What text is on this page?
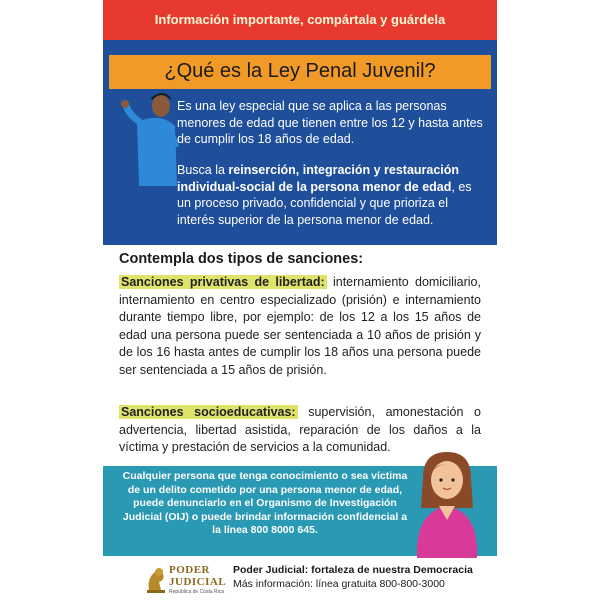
Información importante, compártala y guárdela
¿Qué es la Ley Penal Juvenil?
Es una ley especial que se aplica a las personas menores de edad que tienen entre los 12 y hasta antes de cumplir los 18 años de edad.
Busca la reinserción, integración y restauración individual-social de la persona menor de edad, es un proceso privado, confidencial y que prioriza el interés superior de la persona menor de edad.
Contempla dos tipos de sanciones:
Sanciones privativas de libertad: internamiento domiciliario, internamiento en centro especializado (prisión) e internamiento durante tiempo libre, por ejemplo: de los 12 a los 15 años de edad una persona puede ser sentenciada a 10 años de prisión y de los 16 hasta antes de cumplir los 18 años una persona puede ser sentenciada a 15 años de prisión.
Sanciones socioeducativas: supervisión, amonestación o advertencia, libertad asistida, reparación de los daños a la víctima y prestación de servicios a la comunidad.
Cualquier persona que tenga conocimiento o sea víctima de un delito cometido por una persona menor de edad, puede denunciarlo en el Organismo de Investigación Judicial (OIJ) o puede brindar información confidencial a la línea 800 8000 645.
PODER
JUDICIAL
República de Costa Rica
Poder Judicial: fortaleza de nuestra Democracia
Más información: línea gratuita 800-800-3000
